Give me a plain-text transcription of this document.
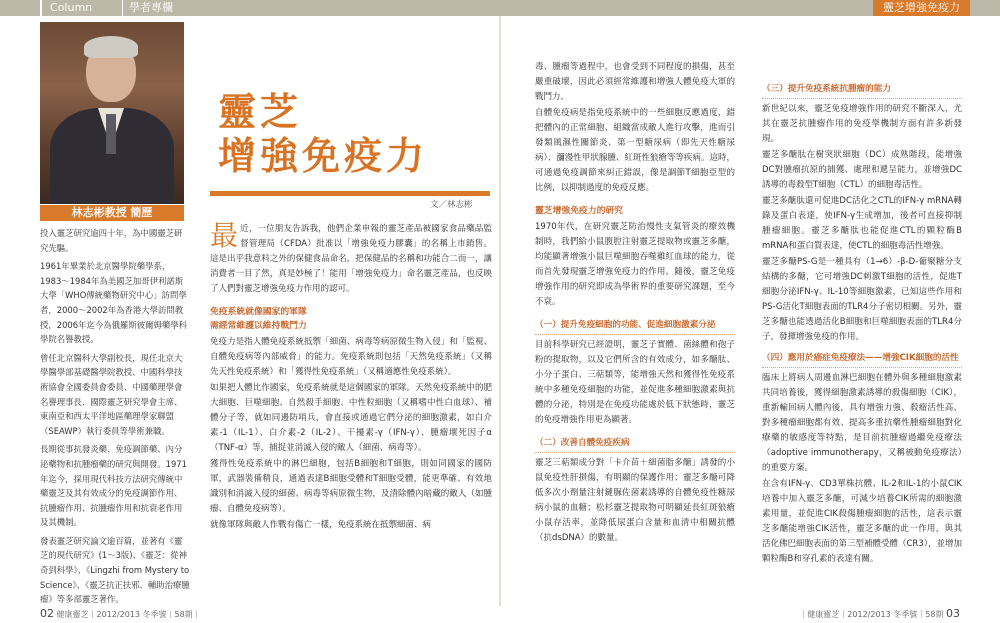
Column	學者專欄	靈芝增強免疫力
林志彬教授 簡歷

投入靈芝研究逾四十年，為中國靈芝研究先驅。

1961年畢業於北京醫學院藥學系，1983～1984年為美國芝加哥伊利諾斯大學「WHO傳統藥物研究中心」訪問學者，2000～2002年為香港大學訪問教授，2006年迄今為俄羅斯彼爾姆藥學科學院名譽教授。

曾任北京醫科大學副校長，現任北京大學醫學部基礎醫學院教授、中國科學技術協會全國委員會委員、中國藥理學會名譽理事長、國際靈芝研究學會主席、東南亞和西太平洋地區藥理學家聯盟（SEAWP）執行委員等學術兼職。

長期從事抗發炎藥、免疫調節藥、內分泌藥物和抗腫瘤藥的研究與開發。1971年迄今，採用現代科技方法研究傳統中藥靈芝及其有效成分的免疫調節作用、抗腫瘤作用、抗腫瘤作用和抗衰老作用及其機制。

發表靈芝研究論文逾百篇，並著有《靈芝的現代研究》(1～3版)、《靈芝：從神奇到科學》、《Lingzhi from Mystery to Science》、《靈芝抗正扶邪、輔助治療腫瘤》等多部靈芝著作。

靈芝
增強免疫力
文／林志彬

最近，一位朋友告訴我，他們企業申報的靈芝產品被國家食品藥品監督管理局（CFDA）批准以「增強免疫力膠囊」的名稱上市銷售。這是出乎我意料之外的保健食品命名，把保健品的名稱和功能合二而一，讓消費者一目了然，真是妙極了！能用「增強免疫力」命名靈芝產品，也反映了人們對靈芝增強免疫力作用的認可。

免疫系統就像國家的軍隊
需經常維護以維持戰鬥力

免疫力是指人體免疫系統抵禦「細菌、病毒等病原微生物入侵」和「監視、自體免疫病等內部威脅」的能力。免疫系統則包括「天然免疫系統」（又稱先天性免疫系統）和「獲得性免疫系統」（又稱適應性免疫系統）。

如果把人體比作國家，免疫系統就是這個國家的軍隊。天然免疫系統中的肥大細胞、巨噬細胞、自然殺手細胞、中性粒細胞（又稱嗜中性白血球）、補體分子等，就如同邊防哨兵，會直接或通過它們分泌的細胞激素，如白介素-1（IL-1）、白介素-2（IL-2）、干擾素-γ（IFN-γ）、腫瘤壞死因子α（TNF-α）等，捕捉並消滅入侵的敵人（細菌、病毒等）。

獲得性免疫系統中的淋巴細胞，包括B細胞和T細胞，則如同國家的國防軍，武器裝備精良，通過表達B細胞受體和T細胞受體，能更準確、有效地識別和消滅入侵的細菌、病毒等病原微生物，及清除體內暗藏的敵人（如腫瘤、自體免疫病等）。

就像軍隊與敵人作戰有傷亡一樣，免疫系統在抵禦細菌、病

毒、腫瘤等過程中，也會受到不同程度的損傷，甚至嚴重破壞，因此必須經常維護和增強人體免疫大軍的戰鬥力。

自體免疫病是指免疫系統中的一些細胞反應過度，錯把體內的正常細胞、組織當成敵人進行攻擊，進而引發類風濕性關節炎、第一型糖尿病（即先天性糖尿病）、瀰漫性甲狀腺腫、紅斑性狼瘡等等疾病。這時，可通過免疫調節來糾正錯誤，像是調節T細胞亞型的比例，以抑制過度的免疫反應。

靈芝增強免疫力的研究

1970年代，在研究靈芝防治慢性支氣管炎的療效機制時，我們給小鼠腹腔注射靈芝提取物或靈芝多醣，均能顯著增強小鼠巨噬細胞吞噬雞紅血球的能力，從而首先發現靈芝增強免疫力的作用。隨後，靈芝免疫增強作用的研究即成為學術界的重要研究課題，至今不衰。

（一）提升免疫細胞的功能、促進細胞激素分泌

目前科學研究已經證明，靈芝子實體、菌絲體和孢子粉的提取物，以及它們所含的有效成分，如多醣肽、小分子蛋白、三萜類等，能增強天然和獲得性免疫系統中多種免疫細胞的功能，並促進多種細胞激素與抗體的分泌，特別是在免疫功能處於低下狀態時，靈芝的免疫增強作用更為顯著。

（二）改善自體免疫疾病

靈芝三萜類成分對「卡介苗＋細菌脂多醣」誘發的小鼠免疫性肝損傷，有明顯的保護作用；靈芝多醣可降低多次小劑量注射鏈脲佐菌素誘導的自體免疫性糖尿病小鼠的血糖；松杉靈芝提取物可明顯延長紅斑狼瘡小鼠存活率，並降低尿蛋白含量和血清中相關抗體（抗dsDNA）的數量。

（三）提升免疫系統抗腫瘤的能力

新世紀以來，靈芝免疫增強作用的研究不斷深入，尤其在靈芝抗腫瘤作用的免疫學機制方面有許多新發現。

靈芝多醣肽在樹突狀細胞（DC）成熟階段，能增強DC對腫瘤抗原的捕獲、處理和遞呈能力，並增強DC誘導的毒殺型T細胞（CTL）的細胞毒活性。

靈芝多醣肽還可促進DC活化之CTL的IFN-γ mRNA轉錄及蛋白表達，使IFN-γ生成增加，後者可直接抑制腫瘤細胞。靈芝多醣肽也能促進CTL的顆粒酶B mRNA和蛋白質表達，使CTL的細胞毒活性增強。

靈芝多醣PS-G是一種具有（1→6）-β-D-葡聚糖分支結構的多醣，它可增強DC刺激T細胞的活性，促進T細胞分泌IFN-γ、IL-10等細胞激素，已知這些作用和PS-G活化T細胞表面的TLR4分子密切相關。另外，靈芝多醣也能透過活化B細胞和巨噬細胞表面的TLR4分子，發揮增強免疫的作用。

（四）應用於癌症免疫療法——增強CIK細胞的活性

臨床上將病人周邊血淋巴細胞在體外與多種細胞激素共同培養後，獲得細胞激素誘導的殺傷細胞（CIK），重新輸回病人體內後，具有增強力強、殺瘤活性高、對多種瘤細胞都有效、提高多重抗藥性腫瘤細胞對化療藥的敏感度等特點，是目前抗腫瘤過繼免疫療法（adoptive immunotherapy，又稱被動免疫療法）的重要方案。

在含有IFN-γ、CD3單株抗體、IL-2和IL-1的小鼠CIK培養中加入靈芝多醣，可減少培養CIK所需的細胞激素用量，並促進CIK殺傷腫瘤細胞的活性，這表示靈芝多醣能增強CIK活性，靈芝多醣的此一作用，與其活化佛巴細胞表面的第三型補體受體（CR3），並增加顆粒酶B和穿孔素的表達有關。

02 健康靈芝｜2012/2013 冬季號｜58期｜	｜健康靈芝｜2012/2013 冬季號｜58期 03
